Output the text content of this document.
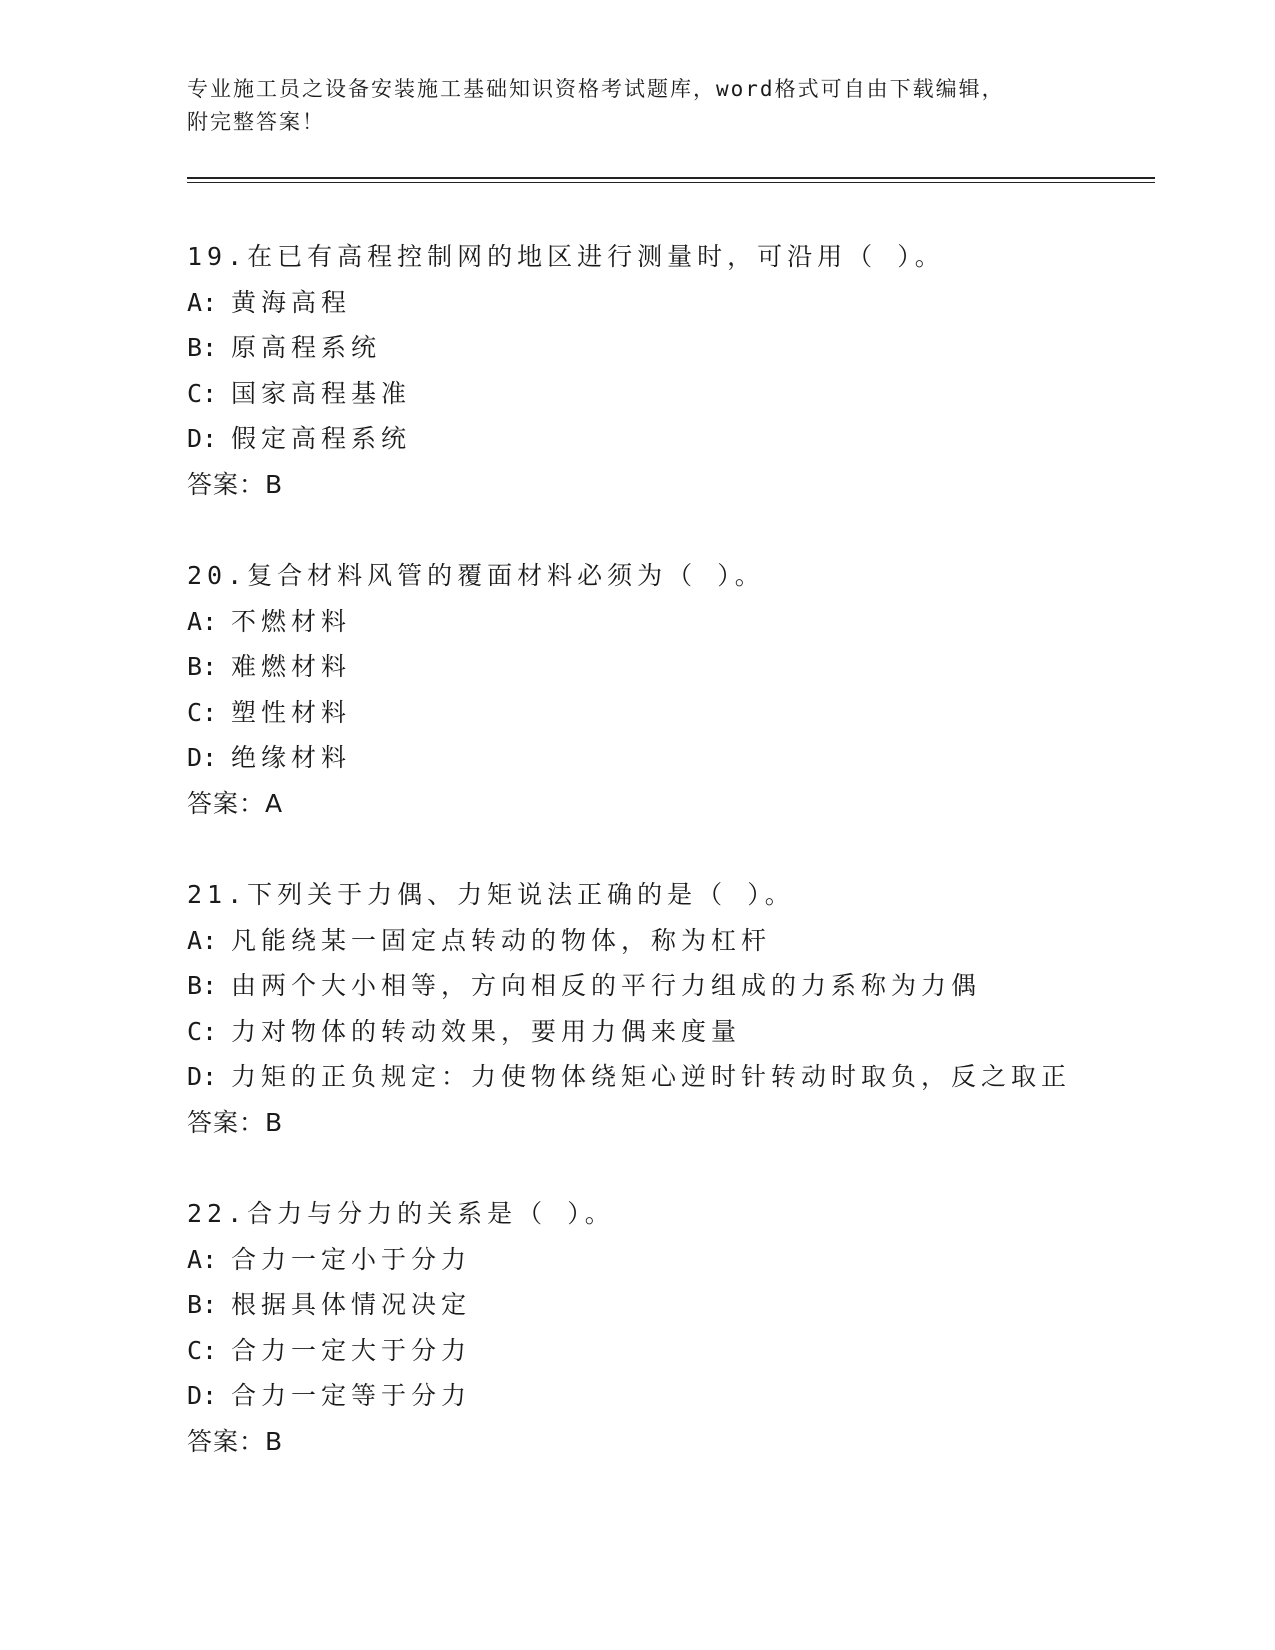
专业施工员之设备安装施工基础知识资格考试题库，word格式可自由下载编辑，
附完整答案！
19.在已有高程控制网的地区进行测量时，可沿用（ ）。
A: 黄海高程
B: 原高程系统
C: 国家高程基准
D: 假定高程系统
答案：B
20.复合材料风管的覆面材料必须为（ ）。
A: 不燃材料
B: 难燃材料
C: 塑性材料
D: 绝缘材料
答案：A
21.下列关于力偶、力矩说法正确的是（ ）。
A: 凡能绕某一固定点转动的物体，称为杠杆
B: 由两个大小相等，方向相反的平行力组成的力系称为力偶
C: 力对物体的转动效果，要用力偶来度量
D: 力矩的正负规定：力使物体绕矩心逆时针转动时取负，反之取正
答案：B
22.合力与分力的关系是（ ）。
A: 合力一定小于分力
B: 根据具体情况决定
C: 合力一定大于分力
D: 合力一定等于分力
答案：B
